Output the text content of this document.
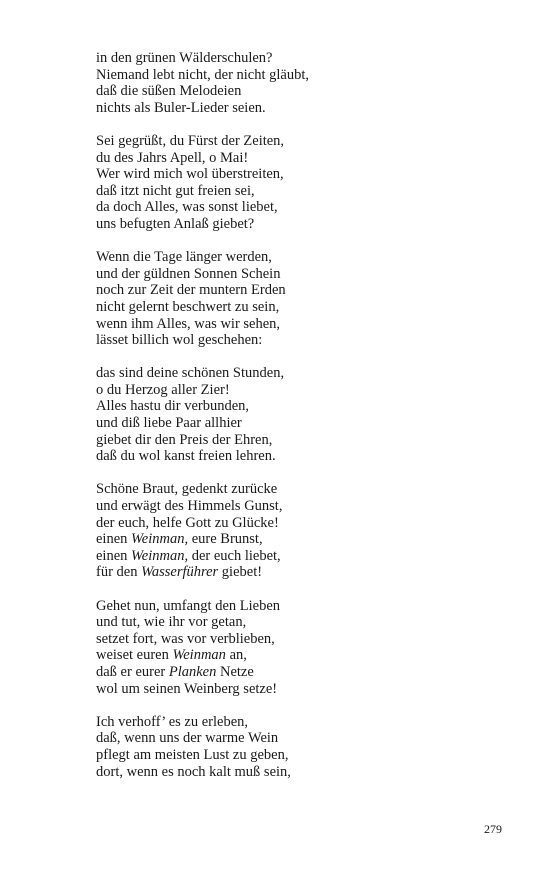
in den grünen Wälderschulen?
Niemand lebt nicht, der nicht gläubt,
daß die süßen Melodeien
nichts als Buler-Lieder seien.
Sei gegrüßt, du Fürst der Zeiten,
du des Jahrs Apell, o Mai!
Wer wird mich wol überstreiten,
daß itzt nicht gut freien sei,
da doch Alles, was sonst liebet,
uns befugten Anlaß giebet?
Wenn die Tage länger werden,
und der güldnen Sonnen Schein
noch zur Zeit der muntern Erden
nicht gelernt beschwert zu sein,
wenn ihm Alles, was wir sehen,
lässet billich wol geschehen:
das sind deine schönen Stunden,
o du Herzog aller Zier!
Alles hastu dir verbunden,
und diß liebe Paar allhier
giebet dir den Preis der Ehren,
daß du wol kanst freien lehren.
Schöne Braut, gedenkt zurücke
und erwägt des Himmels Gunst,
der euch, helfe Gott zu Glücke!
einen Weinman, eure Brunst,
einen Weinman, der euch liebet,
für den Wasserführer giebet!
Gehet nun, umfangt den Lieben
und tut, wie ihr vor getan,
setzet fort, was vor verblieben,
weiset euren Weinman an,
daß er eurer Planken Netze
wol um seinen Weinberg setze!
Ich verhoff’ es zu erleben,
daß, wenn uns der warme Wein
pflegt am meisten Lust zu geben,
dort, wenn es noch kalt muß sein,
279
